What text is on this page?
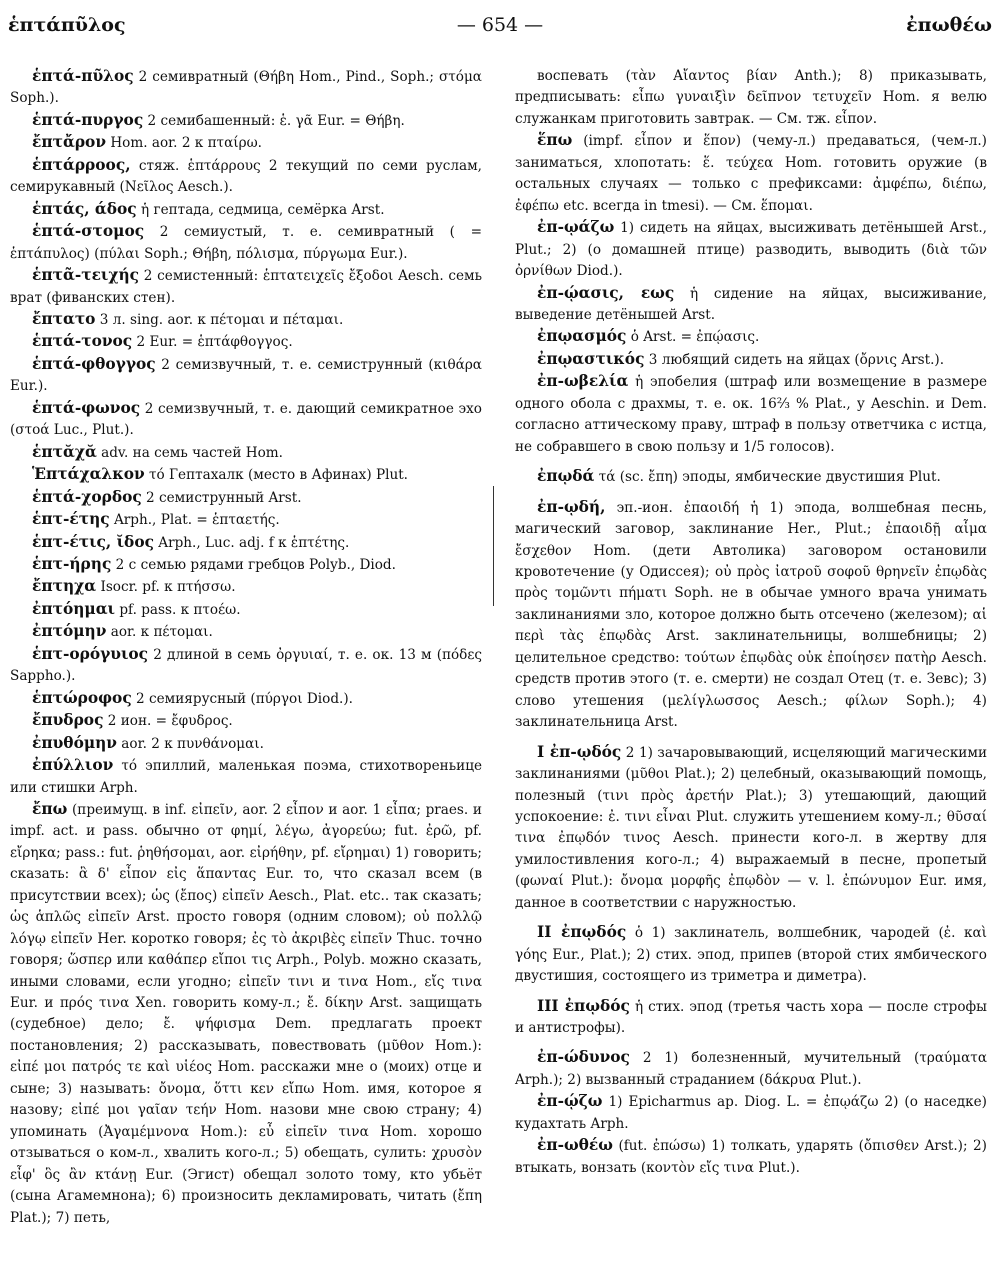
ἑπτάπῦλος	— 654 —	ἐπωθέω

ἑπτά-πῦλος 2 семивратный (Θήβη Hom., Pind., Soph.; στόμα Soph.).

ἑπτά-πυργος 2 семибашенный: ἑ. γᾶ Eur. = Θήβη.

ἔπτἄρον Hom. aor. 2 к πταίρω.

ἑπτάρροος, стяж. ἑπτάρρους 2 текущий по семи руслам, семирукавный (Νεῖλος Aesch.).

ἑπτάς, άδος ἡ гептада, седмица, семёрка Arst.

ἑπτά-στομος 2 семиустый, т. е. семивратный ( = ἑπτάπυλος) (πύλαι Soph.; Θήβη, πόλισμα, πύργωμα Eur.).

ἑπτᾶ-τειχής 2 семистенный: ἑπτατειχεῖς ἔξοδοι Aesch. семь врат (фиванских стен).

ἔπτατο 3 л. sing. aor. к πέτομαι и πέταμαι.

ἑπτά-τονος 2 Eur. = ἑπτάφθογγος.

ἑπτά-φθογγος 2 семизвучный, т. е. семиструнный (κιθάρα Eur.).

ἑπτά-φωνος 2 семизвучный, т. е. дающий семикратное эхо (στοά Luc., Plut.).

ἑπτᾰχᾰ adv. на семь частей Hom.

Ἑπτάχαλκον τό Гептахалк (место в Афинах) Plut.

ἑπτά-χορδος 2 семиструнный Arst.

ἑπτ-έτης Arph., Plat. = ἑπταετής.

ἑπτ-έτις, ῐδος Arph., Luc. adj. f к ἑπτέτης.

ἑπτ-ήρης 2 с семью рядами гребцов Polyb., Diod.

ἔπτηχα Isocr. pf. к πτήσσω.

ἐπτόημαι pf. pass. к πτοέω.

ἐπτόμην aor. к πέτομαι.

ἑπτ-ορόγυιος 2 длиной в семь ὀργυιαί, т. е. ок. 13 м (πόδες Sappho.).

ἑπτώροφος 2 семиярусный (πύργοι Diod.).

ἔπυδρος 2 ион. = ἔφυδρος.

ἐπυθόμην aor. 2 к πυνθάνομαι.

ἐπύλλιον τό эпиллий, маленькая поэма, стихотвореньице или стишки Arph.

ἔπω (преимущ. в inf. εἰπεῖν, aor. 2 εἶπον и aor. 1 εἶπα; praes. и impf. act. и pass. обычно от φημί, λέγω, ἀγορεύω; fut. ἐρῶ, pf. εἴρηκα; pass.: fut. ῥηθήσομαι, aor. εἰρήθην, pf. εἴρημαι) 1) говорить; сказать: ἃ δ' εἶπον εἰς ἅπαντας Eur. то, что сказал всем (в присутствии всех); ὡς (ἔπος) εἰπεῖν Aesch., Plat. etc.. так сказать; ὡς ἁπλῶς εἰπεῖν Arst. просто говоря (одним словом); οὐ πολλῷ λόγῳ εἰπεῖν Her. коротко говоря; ἐς τὸ ἀκριβὲς εἰπεῖν Thuc. точно говоря; ὥσπερ или καθάπερ εἴποι τις Arph., Polyb. можно сказать, иными словами, если угодно; εἰπεῖν τινι и τινα Hom., εἴς τινα Eur. и πρός τινα Xen. говорить кому-л.; ἔ. δίκην Arst. защищать (судебное) дело; ἔ. ψήφισμα Dem. предлагать проект постановления; 2) рассказывать, повествовать (μῦθον Hom.): εἰπέ μοι πατρός τε καὶ υἱέος Hom. расскажи мне о (моих) отце и сыне; 3) называть: ὄνομα, ὅττι κεν εἴπω Hom. имя, которое я назову; εἰπέ μοι γαῖαν τεήν Hom. назови мне свою страну; 4) упоминать (Ἀγαμέμνονα Hom.): εὖ εἰπεῖν τινα Hom. хорошо отзываться о ком-л., хвалить кого-л.; 5) обещать, сулить: χρυσὸν εἶφ' ὃς ἂν κτάνῃ Eur. (Эгист) обещал золото тому, кто убьёт (сына Агамемнона); 6) произносить декламировать, читать (ἔπη Plat.); 7) петь,

воспевать (τὰν Αἴαντος βίαν Anth.); 8) приказывать, предписывать: εἶπω γυναιξὶν δεῖπνον τετυχεῖν Hom. я велю служанкам приготовить завтрак. — См. тж. εἶπον.

ἕπω (impf. εἶπον и ἕπον) (чему-л.) предаваться, (чем-л.) заниматься, хлопотать: ἕ. τεύχεα Hom. готовить оружие (в остальных случаях — только с префиксами: ἀμφέπω, διέπω, ἐφέπω etc. всегда in tmesi). — См. ἕπομαι.

ἐπ-ῳάζω 1) сидеть на яйцах, высиживать детёнышей Arst., Plut.; 2) (о домашней птице) разводить, выводить (διὰ τῶν ὀρνίθων Diod.).

ἐπ-ῴασις, εως ἡ сидение на яйцах, высиживание, выведение детёнышей Arst.

ἐπῳασμός ὁ Arst. = ἐπῴασις.

ἐπῳαστικός 3 любящий сидеть на яйцах (ὄρνις Arst.).

ἐπ-ωβελία ἡ эпобелия (штраф или возмещение в размере одного обола с драхмы, т. е. ок. 16⅔ % Plat., у Aeschin. и Dem. согласно аттическому праву, штраф в пользу ответчика с истца, не собравшего в свою пользу и 1/5 голосов).

ἐπῳδά τά (sc. ἔπη) эподы, ямбические двустишия Plut.

ἐπ-ῳδή, эп.-ион. ἐπαοιδή ἡ 1) эпода, волшебная песнь, магический заговор, заклинание Her., Plut.; ἐπαοιδῇ αἷμα ἔσχεθον Hom. (дети Автолика) заговором остановили кровотечение (у Одиссея); οὐ πρὸς ἰατροῦ σοφοῦ θρηνεῖν ἐπῳδὰς πρὸς τομῶντι πήματι Soph. не в обычае умного врача унимать заклинаниями зло, которое должно быть отсечено (железом); αἱ περὶ τὰς ἐπῳδὰς Arst. заклинательницы, волшебницы; 2) целительное средство: τούτων ἐπῳδὰς οὐκ ἐποίησεν πατὴρ Aesch. средств против этого (т. е. смерти) не создал Отец (т. е. Зевс); 3) слово утешения (μελίγλωσσος Aesch.; φίλων Soph.); 4) заклинательница Arst.

I ἐπ-ῳδός 2 1) зачаровывающий, исцеляющий магическими заклинаниями (μῦθοι Plat.); 2) целебный, оказывающий помощь, полезный (τινι πρὸς ἀρετήν Plat.); 3) утешающий, дающий успокоение: ἐ. τινι εἶναι Plut. служить утешением кому-л.; θῦσαί τινα ἐπῳδόν τινος Aesch. принести кого-л. в жертву для умилостивления кого-л.; 4) выражаемый в песне, пропетый (φωναί Plut.): ὄνομα μορφῆς ἐπῳδὸν — v. l. ἐπώνυμον Eur. имя, данное в соответствии с наружностью.

II ἐπῳδός ὁ 1) заклинатель, волшебник, чародей (ἐ. καὶ γόης Eur., Plat.); 2) стих. эпод, припев (второй стих ямбического двустишия, состоящего из триметра и диметра).

III ἐπῳδός ἡ стих. эпод (третья часть хора — после строфы и антистрофы).

ἐπ-ώδυνος 2 1) болезненный, мучительный (τραύματα Arph.); 2) вызванный страданием (δάκρυα Plut.).

ἐπ-ῴζω 1) Epicharmus ap. Diog. L. = ἐπῳάζω 2) (о наседке) кудахтать Arph.

ἐπ-ωθέω (fut. ἐπώσω) 1) толкать, ударять (ὄπισθεν Arst.); 2) втыкать, вонзать (κοντὸν εἴς τινα Plut.).
